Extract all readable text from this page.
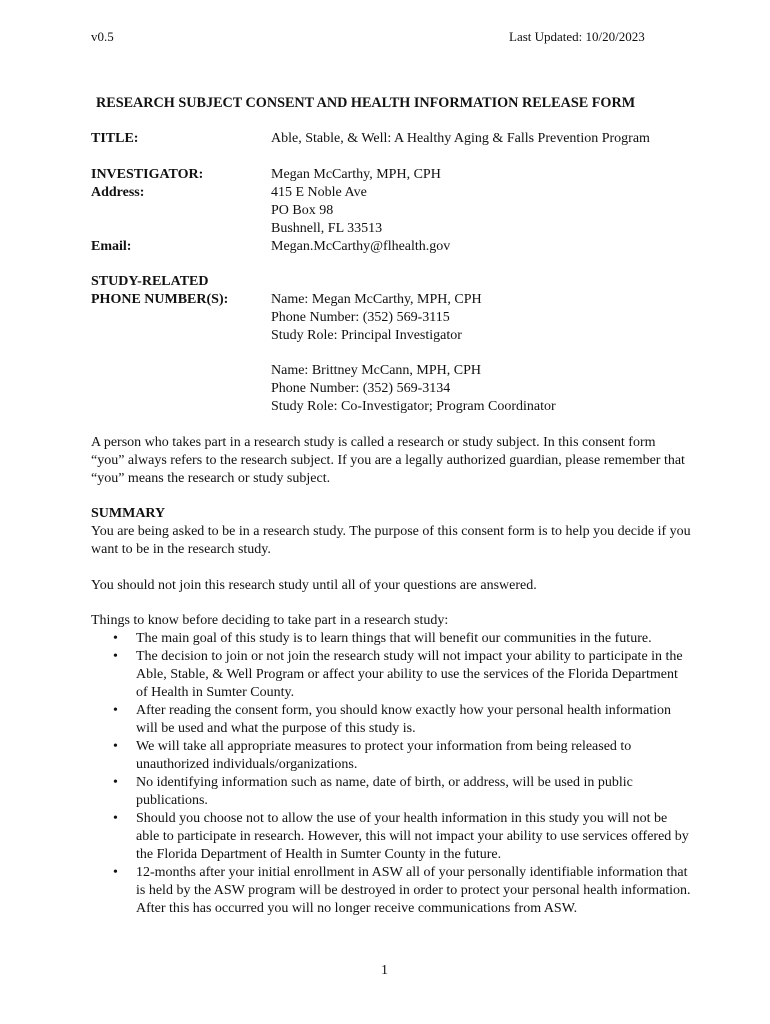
v0.5	Last Updated: 10/20/2023
RESEARCH SUBJECT CONSENT AND HEALTH INFORMATION RELEASE FORM
TITLE:	Able, Stable, & Well: A Healthy Aging & Falls Prevention Program
INVESTIGATOR:	Megan McCarthy, MPH, CPH
Address:	415 E Noble Ave
PO Box 98
Bushnell, FL 33513
Email:	Megan.McCarthy@flhealth.gov
STUDY-RELATED
PHONE NUMBER(S):	Name: Megan McCarthy, MPH, CPH
Phone Number: (352) 569-3115
Study Role: Principal Investigator
Name: Brittney McCann, MPH, CPH
Phone Number: (352) 569-3134
Study Role: Co-Investigator; Program Coordinator
A person who takes part in a research study is called a research or study subject. In this consent form “you” always refers to the research subject. If you are a legally authorized guardian, please remember that “you” means the research or study subject.
SUMMARY
You are being asked to be in a research study. The purpose of this consent form is to help you decide if you want to be in the research study.
You should not join this research study until all of your questions are answered.
Things to know before deciding to take part in a research study:
• The main goal of this study is to learn things that will benefit our communities in the future.
• The decision to join or not join the research study will not impact your ability to participate in the Able, Stable, & Well Program or affect your ability to use the services of the Florida Department of Health in Sumter County.
• After reading the consent form, you should know exactly how your personal health information will be used and what the purpose of this study is.
• We will take all appropriate measures to protect your information from being released to unauthorized individuals/organizations.
• No identifying information such as name, date of birth, or address, will be used in public publications.
• Should you choose not to allow the use of your health information in this study you will not be able to participate in research. However, this will not impact your ability to use services offered by the Florida Department of Health in Sumter County in the future.
• 12-months after your initial enrollment in ASW all of your personally identifiable information that is held by the ASW program will be destroyed in order to protect your personal health information. After this has occurred you will no longer receive communications from ASW.
1
